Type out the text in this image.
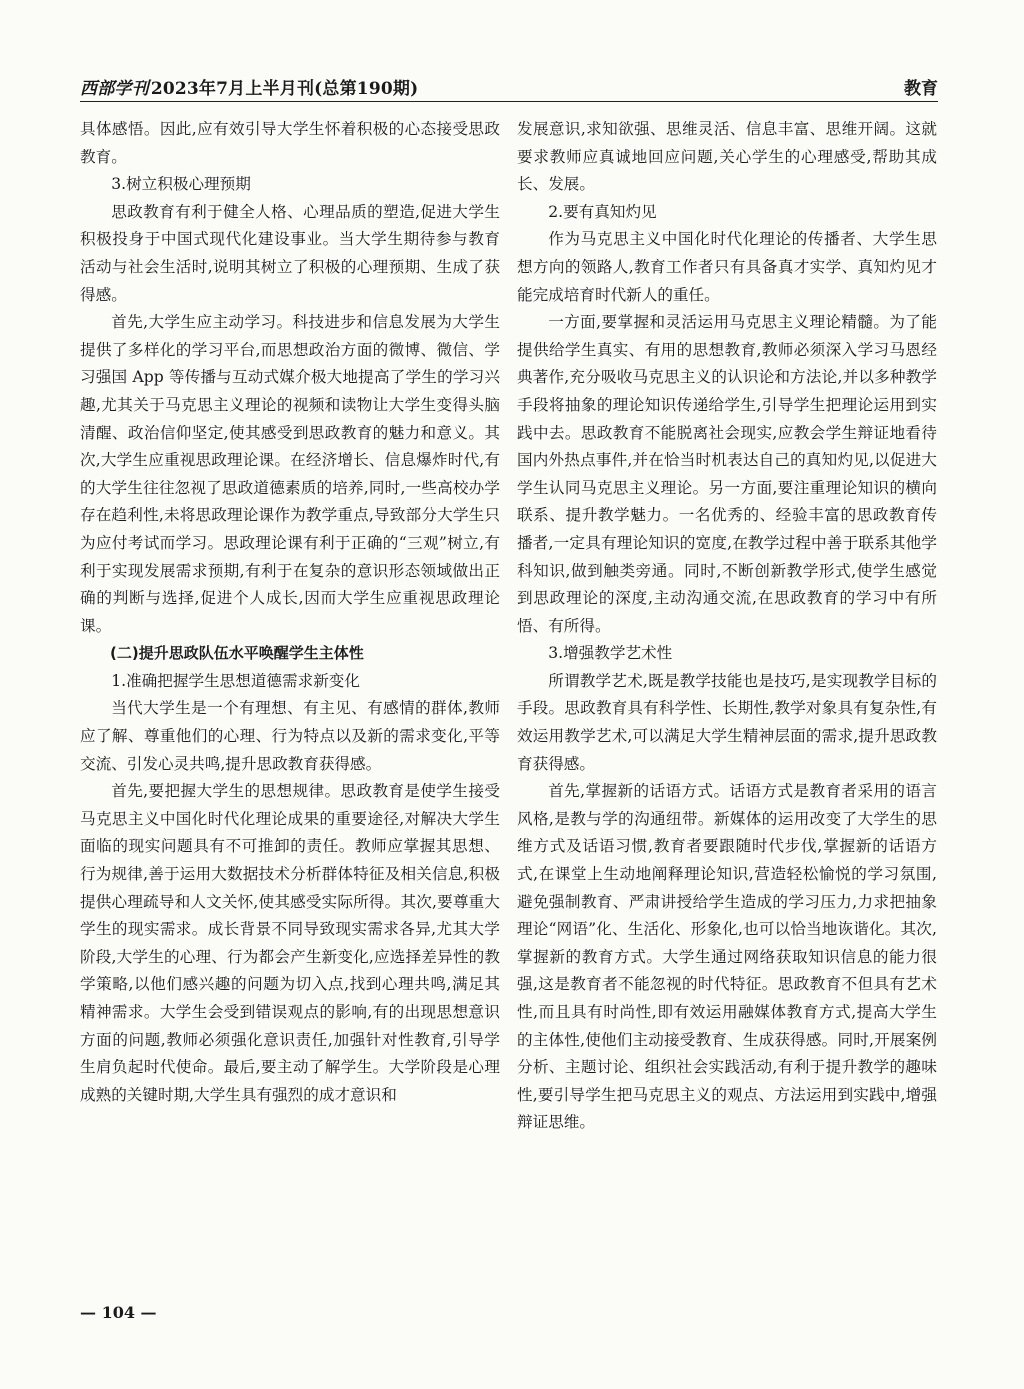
西部学刊 2023年7月上半月刊(总第190期)	教育

具体感悟。因此,应有效引导大学生怀着积极的心态接受思政教育。

3.树立积极心理预期

思政教育有利于健全人格、心理品质的塑造,促进大学生积极投身于中国式现代化建设事业。当大学生期待参与教育活动与社会生活时,说明其树立了积极的心理预期、生成了获得感。

首先,大学生应主动学习。科技进步和信息发展为大学生提供了多样化的学习平台,而思想政治方面的微博、微信、学习强国 App 等传播与互动式媒介极大地提高了学生的学习兴趣,尤其关于马克思主义理论的视频和读物让大学生变得头脑清醒、政治信仰坚定,使其感受到思政教育的魅力和意义。其次,大学生应重视思政理论课。在经济增长、信息爆炸时代,有的大学生往往忽视了思政道德素质的培养,同时,一些高校办学存在趋利性,未将思政理论课作为教学重点,导致部分大学生只为应付考试而学习。思政理论课有利于正确的“三观”树立,有利于实现发展需求预期,有利于在复杂的意识形态领域做出正确的判断与选择,促进个人成长,因而大学生应重视思政理论课。

(二)提升思政队伍水平唤醒学生主体性

1.准确把握学生思想道德需求新变化

当代大学生是一个有理想、有主见、有感情的群体,教师应了解、尊重他们的心理、行为特点以及新的需求变化,平等交流、引发心灵共鸣,提升思政教育获得感。

首先,要把握大学生的思想规律。思政教育是使学生接受马克思主义中国化时代化理论成果的重要途径,对解决大学生面临的现实问题具有不可推卸的责任。教师应掌握其思想、行为规律,善于运用大数据技术分析群体特征及相关信息,积极提供心理疏导和人文关怀,使其感受实际所得。其次,要尊重大学生的现实需求。成长背景不同导致现实需求各异,尤其大学阶段,大学生的心理、行为都会产生新变化,应选择差异性的教学策略,以他们感兴趣的问题为切入点,找到心理共鸣,满足其精神需求。大学生会受到错误观点的影响,有的出现思想意识方面的问题,教师必须强化意识责任,加强针对性教育,引导学生肩负起时代使命。最后,要主动了解学生。大学阶段是心理成熟的关键时期,大学生具有强烈的成才意识和

发展意识,求知欲强、思维灵活、信息丰富、思维开阔。这就要求教师应真诚地回应问题,关心学生的心理感受,帮助其成长、发展。

2.要有真知灼见

作为马克思主义中国化时代化理论的传播者、大学生思想方向的领路人,教育工作者只有具备真才实学、真知灼见才能完成培育时代新人的重任。

一方面,要掌握和灵活运用马克思主义理论精髓。为了能提供给学生真实、有用的思想教育,教师必须深入学习马恩经典著作,充分吸收马克思主义的认识论和方法论,并以多种教学手段将抽象的理论知识传递给学生,引导学生把理论运用到实践中去。思政教育不能脱离社会现实,应教会学生辩证地看待国内外热点事件,并在恰当时机表达自己的真知灼见,以促进大学生认同马克思主义理论。另一方面,要注重理论知识的横向联系、提升教学魅力。一名优秀的、经验丰富的思政教育传播者,一定具有理论知识的宽度,在教学过程中善于联系其他学科知识,做到触类旁通。同时,不断创新教学形式,使学生感觉到思政理论的深度,主动沟通交流,在思政教育的学习中有所悟、有所得。

3.增强教学艺术性

所谓教学艺术,既是教学技能也是技巧,是实现教学目标的手段。思政教育具有科学性、长期性,教学对象具有复杂性,有效运用教学艺术,可以满足大学生精神层面的需求,提升思政教育获得感。

首先,掌握新的话语方式。话语方式是教育者采用的语言风格,是教与学的沟通纽带。新媒体的运用改变了大学生的思维方式及话语习惯,教育者要跟随时代步伐,掌握新的话语方式,在课堂上生动地阐释理论知识,营造轻松愉悦的学习氛围,避免强制教育、严肃讲授给学生造成的学习压力,力求把抽象理论“网语”化、生活化、形象化,也可以恰当地诙谐化。其次,掌握新的教育方式。大学生通过网络获取知识信息的能力很强,这是教育者不能忽视的时代特征。思政教育不但具有艺术性,而且具有时尚性,即有效运用融媒体教育方式,提高大学生的主体性,使他们主动接受教育、生成获得感。同时,开展案例分析、主题讨论、组织社会实践活动,有利于提升教学的趣味性,要引导学生把马克思主义的观点、方法运用到实践中,增强辩证思维。

— 104 —
